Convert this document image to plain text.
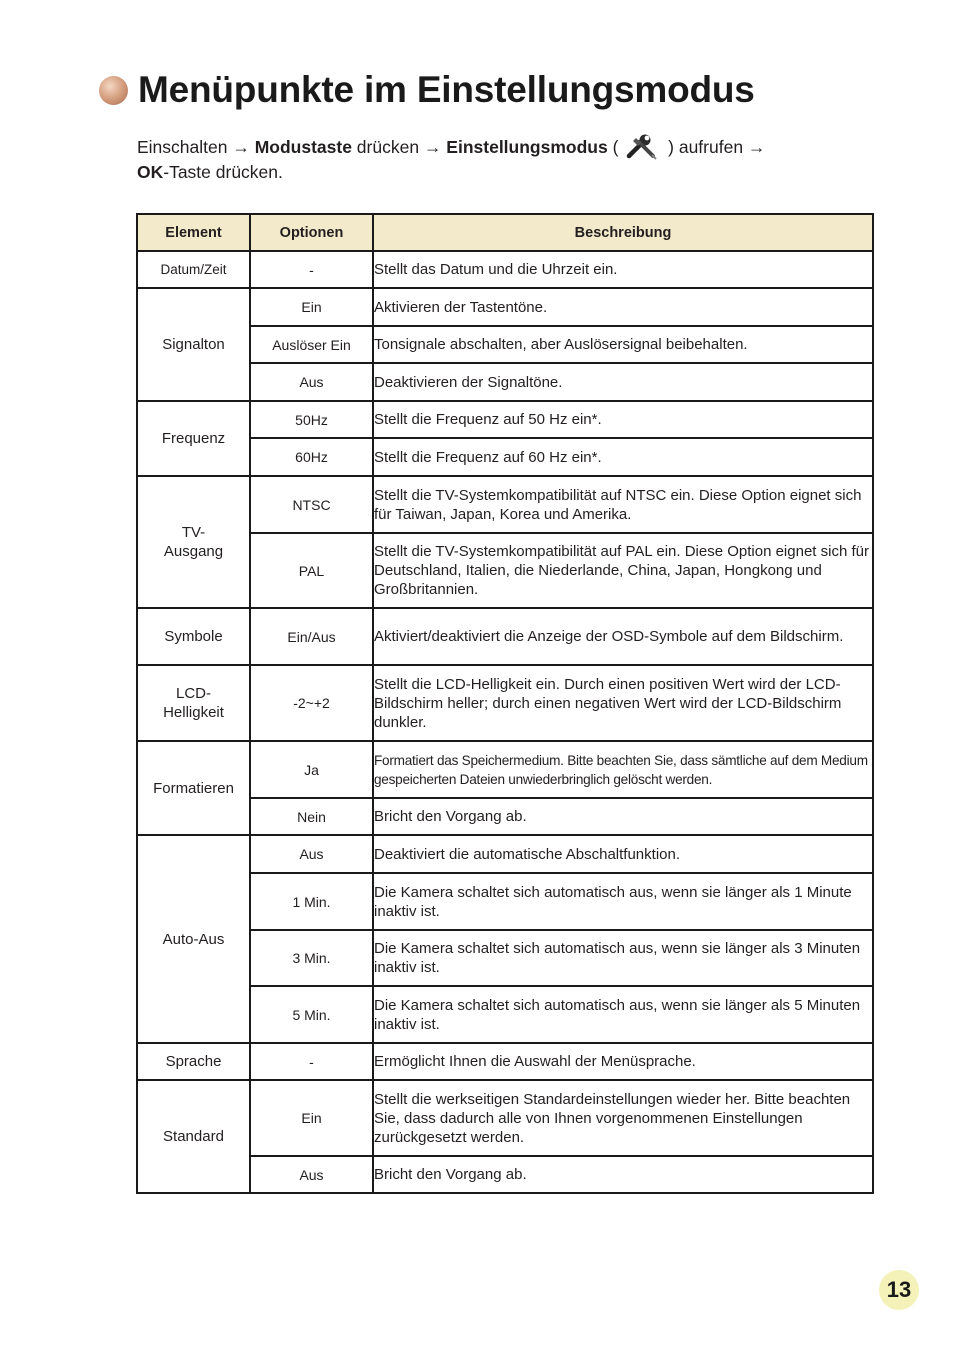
Menüpunkte im Einstellungsmodus
Einschalten → Modustaste drücken → Einstellungsmodus (	) aufrufen →
OK-Taste drücken.
Element	Optionen	Beschreibung
Datum/Zeit	-	Stellt das Datum und die Uhrzeit ein.
Signalton	Ein	Aktivieren der Tastentöne.
	Auslöser Ein	Tonsignale abschalten, aber Auslösersignal beibehalten.
	Aus	Deaktivieren der Signaltöne.
Frequenz	50Hz	Stellt die Frequenz auf 50 Hz ein*.
	60Hz	Stellt die Frequenz auf 60 Hz ein*.
TV-
Ausgang	NTSC	Stellt die TV-Systemkompatibilität auf NTSC ein. Diese Option eignet sich für Taiwan, Japan, Korea und Amerika.
	PAL	Stellt die TV-Systemkompatibilität auf PAL ein. Diese Option eignet sich für Deutschland, Italien, die Niederlande, China, Japan, Hongkong und Großbritannien.
Symbole	Ein/Aus	Aktiviert/deaktiviert die Anzeige der OSD-Symbole auf dem Bildschirm.
LCD-
Helligkeit	-2~+2	Stellt die LCD-Helligkeit ein. Durch einen positiven Wert wird der LCD-Bildschirm heller; durch einen negativen Wert wird der LCD-Bildschirm dunkler.
Formatieren	Ja	Formatiert das Speichermedium. Bitte beachten Sie, dass sämtliche auf dem Medium gespeicherten Dateien unwiederbringlich gelöscht werden.
	Nein	Bricht den Vorgang ab.
Auto-Aus	Aus	Deaktiviert die automatische Abschaltfunktion.
	1 Min.	Die Kamera schaltet sich automatisch aus, wenn sie länger als 1 Minute inaktiv ist.
	3 Min.	Die Kamera schaltet sich automatisch aus, wenn sie länger als 3 Minuten inaktiv ist.
	5 Min.	Die Kamera schaltet sich automatisch aus, wenn sie länger als 5 Minuten inaktiv ist.
Sprache	-	Ermöglicht Ihnen die Auswahl der Menüsprache.
Standard	Ein	Stellt die werkseitigen Standardeinstellungen wieder her. Bitte beachten Sie, dass dadurch alle von Ihnen vorgenommenen Einstellungen zurückgesetzt werden.
	Aus	Bricht den Vorgang ab.
13
